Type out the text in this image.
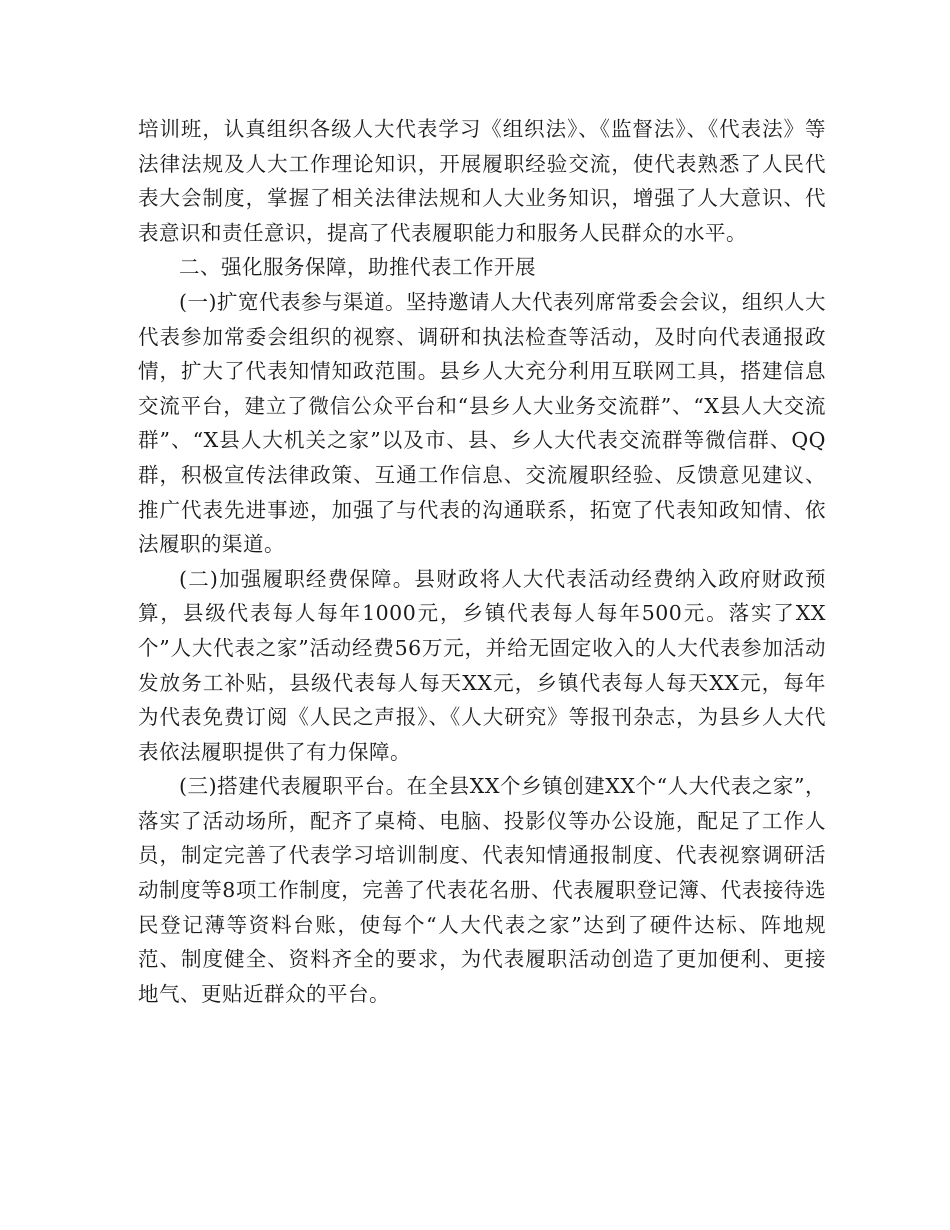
培训班，认真组织各级人大代表学习《组织法》、《监督法》、《代表法》等法律法规及人大工作理论知识，开展履职经验交流，使代表熟悉了人民代表大会制度，掌握了相关法律法规和人大业务知识，增强了人大意识、代表意识和责任意识，提高了代表履职能力和服务人民群众的水平。

二、强化服务保障，助推代表工作开展

(一)扩宽代表参与渠道。坚持邀请人大代表列席常委会会议，组织人大代表参加常委会组织的视察、调研和执法检查等活动，及时向代表通报政情，扩大了代表知情知政范围。县乡人大充分利用互联网工具，搭建信息交流平台，建立了微信公众平台和“县乡人大业务交流群”、“X县人大交流群”、“X县人大机关之家”以及市、县、乡人大代表交流群等微信群、QQ群，积极宣传法律政策、互通工作信息、交流履职经验、反馈意见建议、推广代表先进事迹，加强了与代表的沟通联系，拓宽了代表知政知情、依法履职的渠道。

(二)加强履职经费保障。县财政将人大代表活动经费纳入政府财政预算，县级代表每人每年1000元，乡镇代表每人每年500元。落实了XX个”人大代表之家”活动经费56万元，并给无固定收入的人大代表参加活动发放务工补贴，县级代表每人每天XX元，乡镇代表每人每天XX元，每年为代表免费订阅《人民之声报》、《人大研究》等报刊杂志，为县乡人大代表依法履职提供了有力保障。

(三)搭建代表履职平台。在全县XX个乡镇创建XX个“人大代表之家”，落实了活动场所，配齐了桌椅、电脑、投影仪等办公设施，配足了工作人员，制定完善了代表学习培训制度、代表知情通报制度、代表视察调研活动制度等8项工作制度，完善了代表花名册、代表履职登记簿、代表接待选民登记薄等资料台账，使每个“人大代表之家”达到了硬件达标、阵地规范、制度健全、资料齐全的要求，为代表履职活动创造了更加便利、更接地气、更贴近群众的平台。
